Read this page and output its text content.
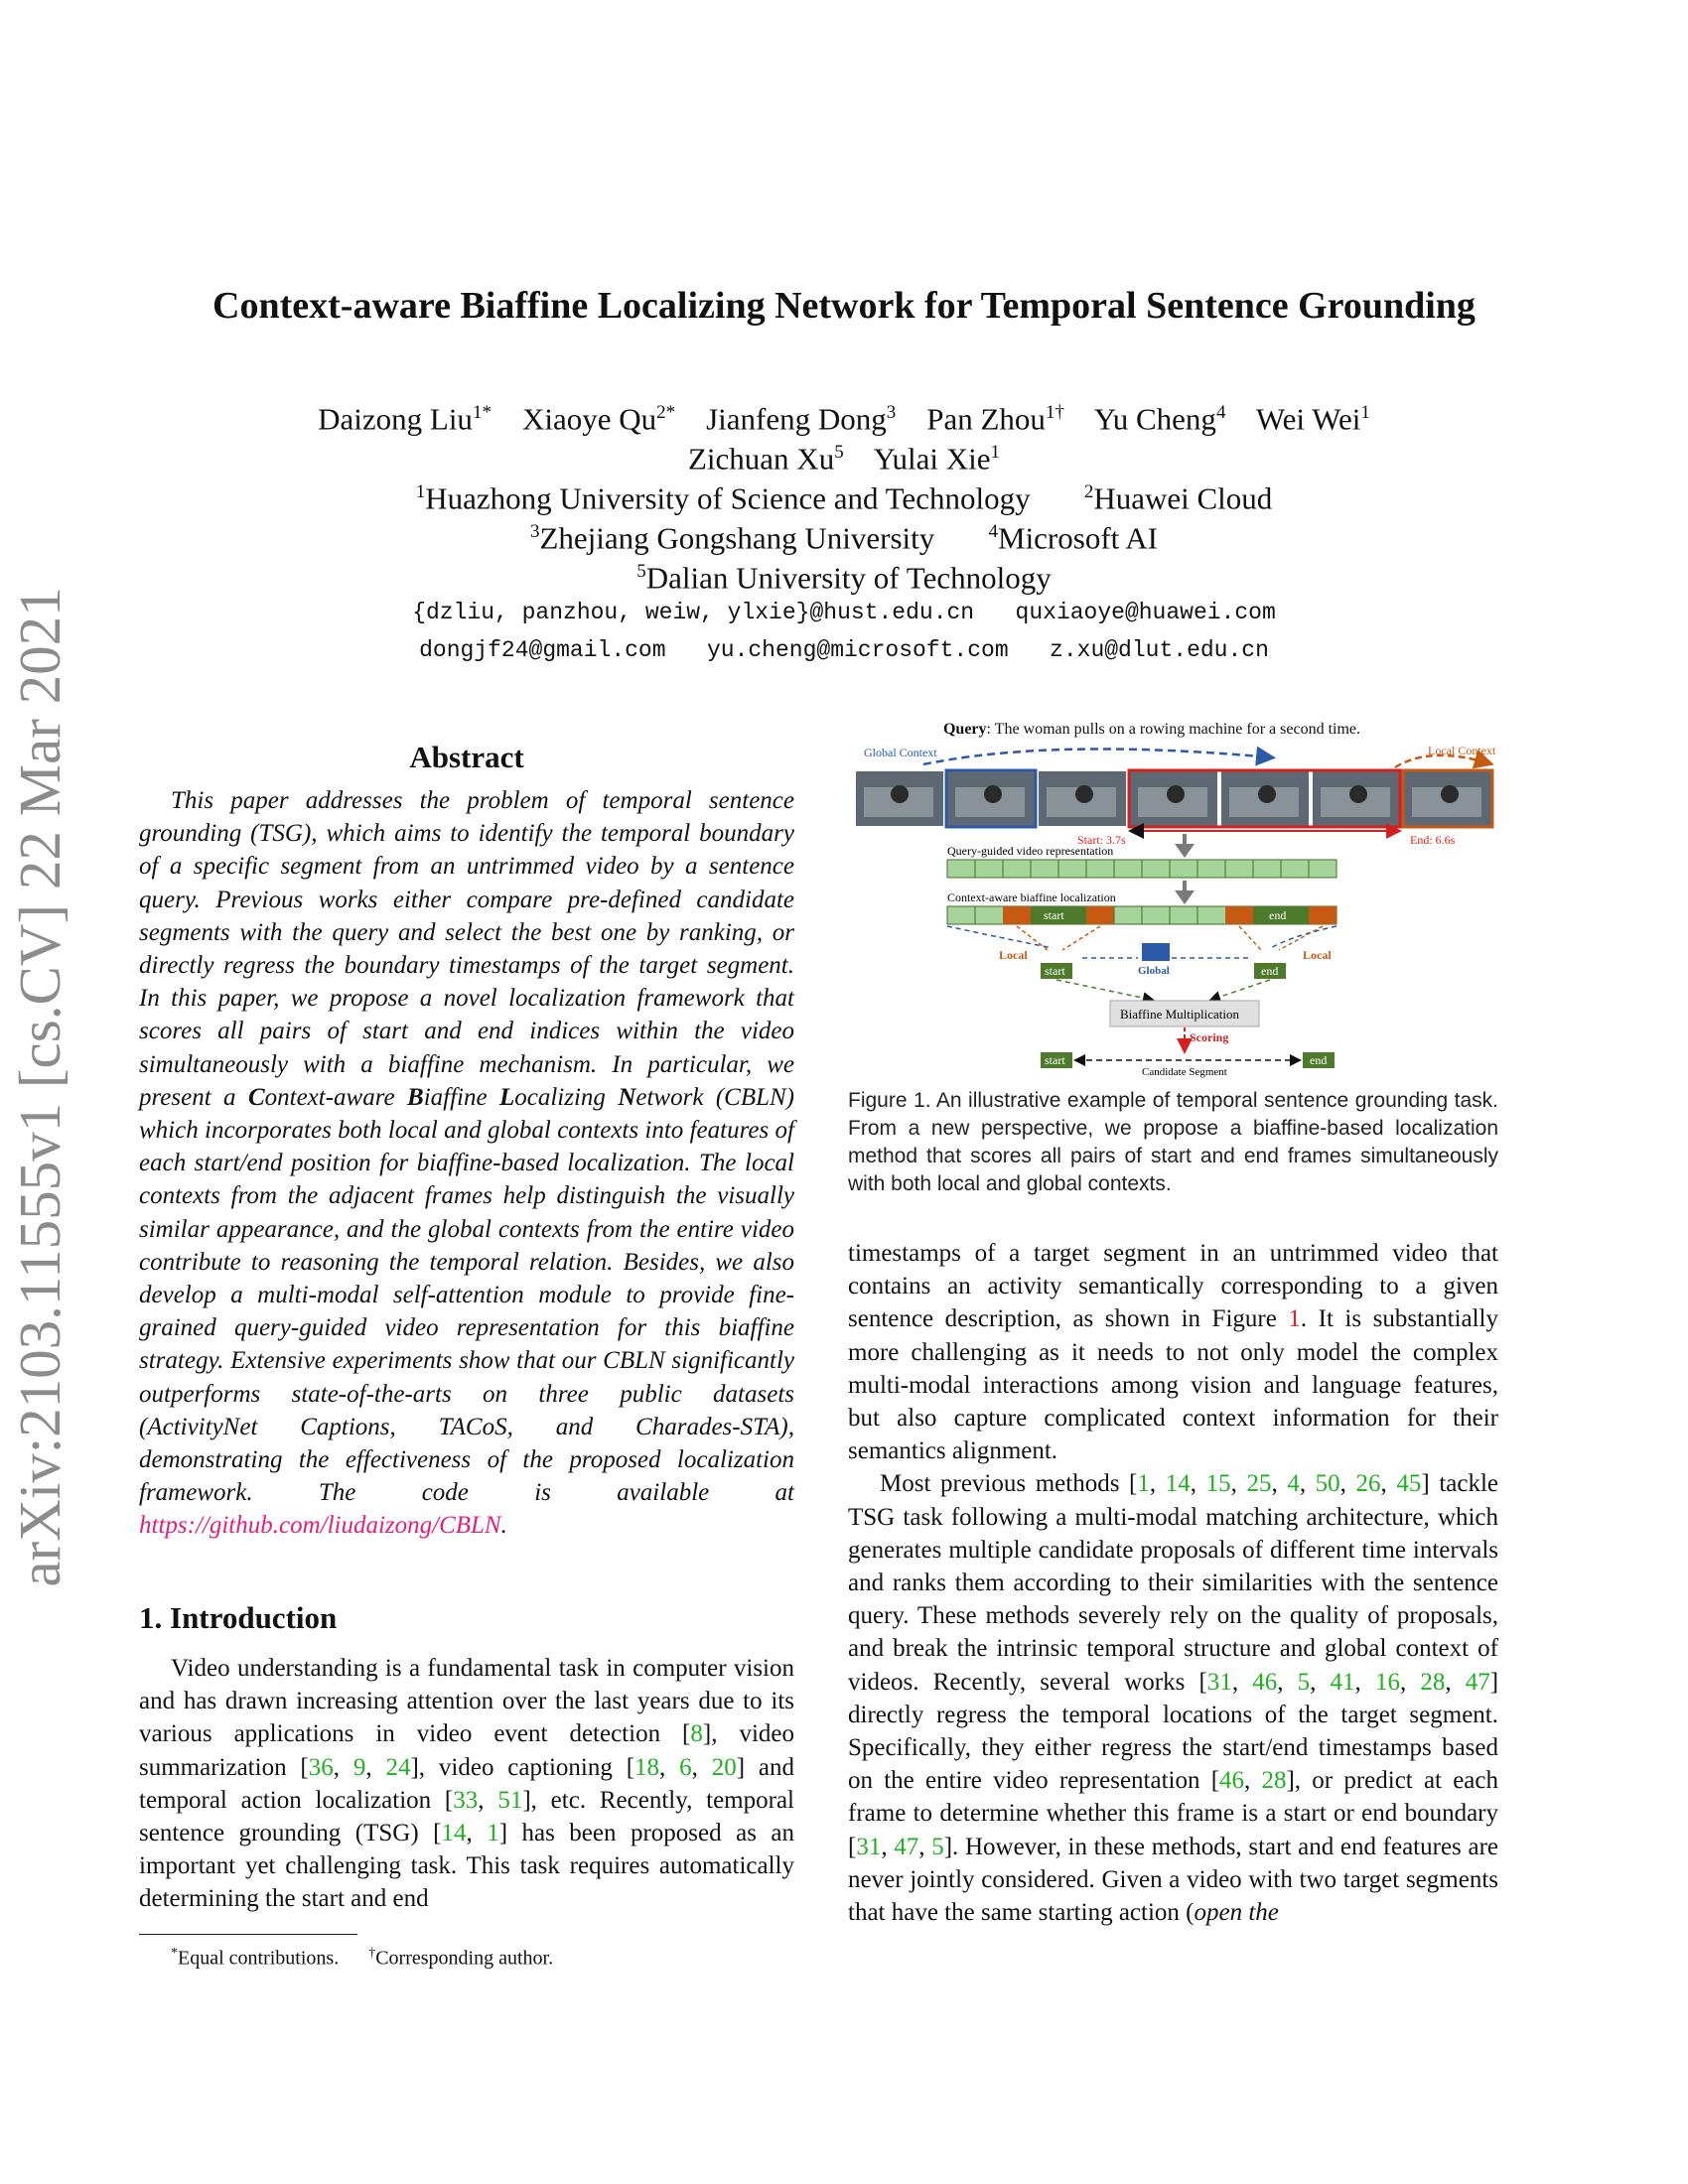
arXiv:2103.11555v1 [cs.CV] 22 Mar 2021
Context-aware Biaffine Localizing Network for Temporal Sentence Grounding
Daizong Liu$^{1*}$ Xiaoye $Qu^{2*}$ Jianfeng Dong$^3$ Pan Zhou$^{1\dagger}$ Yu Cheng$^4$ Wei Wei$^1$
Zichuan Xu$^5$ Yulai Xie$^1$
$^1$Huazhong University of Science and Technology	$^2$Huawei Cloud
$^3$Zhejiang Gongshang University	$^4$Microsoft AI
$^5$Dalian University of Technology
{dzliu, panzhou, weiw, ylxie}@hust.edu.cn quxiaoye@huawei.com
dongjf24@gmail.com yu.cheng@microsoft.com z.xu@dlut.edu.cn
Abstract

This paper addresses the problem of temporal sentence grounding (TSG), which aims to identify the temporal boundary of a specific segment from an untrimmed video by a sentence query. Previous works either compare pre-defined candidate segments with the query and select the best one by ranking, or directly regress the boundary timestamps of the target segment. In this paper, we propose a novel localization framework that scores all pairs of start and end indices within the video simultaneously with a biaffine mechanism. In particular, we present a Context-aware Biaffine Localizing Network (CBLN) which incorporates both local and global contexts into features of each start/end position for biaffine-based localization. The local contexts from the adjacent frames help distinguish the visually similar appearance, and the global contexts from the entire video contribute to reasoning the temporal relation. Besides, we also develop a multi-modal self-attention module to provide fine-grained query-guided video representation for this biaffine strategy. Extensive experiments show that our CBLN significantly outperforms state-of-the-arts on three public datasets (ActivityNet Captions, TACoS, and Charades-STA), demonstrating the effectiveness of the proposed localization framework. The code is available at https://github.com/liudaizong/CBLN.

1. Introduction

Video understanding is a fundamental task in computer vision and has drawn increasing attention over the last years due to its various applications in video event detection [8], video summarization [36, 9, 24], video captioning [18, 6, 20] and temporal action localization [33, 51], etc. Recently, temporal sentence grounding (TSG) [14, 1] has been proposed as an important yet challenging task. This task requires automatically determining the start and end

*Equal contributions. †Corresponding author.
Query: The woman pulls on a rowing machine for a second time.
Global Context	Local Context
Start: 3.7s	End: 6.6s
Query-guided video representation
Context-aware biaffine localization
start	end
Local	Local
Global
start	end
Biaffine Multiplication
Scoring
start	end
Candidate Segment
Figure 1. An illustrative example of temporal sentence grounding task. From a new perspective, we propose a biaffine-based localization method that scores all pairs of start and end frames simultaneously with both local and global contexts.

timestamps of a target segment in an untrimmed video that contains an activity semantically corresponding to a given sentence description, as shown in Figure 1. It is substantially more challenging as it needs to not only model the complex multi-modal interactions among vision and language features, but also capture complicated context information for their semantics alignment.

Most previous methods [1, 14, 15, 25, 4, 50, 26, 45] tackle TSG task following a multi-modal matching architecture, which generates multiple candidate proposals of different time intervals and ranks them according to their similarities with the sentence query. These methods severely rely on the quality of proposals, and break the intrinsic temporal structure and global context of videos. Recently, several works [31, 46, 5, 41, 16, 28, 47] directly regress the temporal locations of the target segment. Specifically, they either regress the start/end timestamps based on the entire video representation [46, 28], or predict at each frame to determine whether this frame is a start or end boundary [31, 47, 5]. However, in these methods, start and end features are never jointly considered. Given a video with two target segments that have the same starting action (open the
